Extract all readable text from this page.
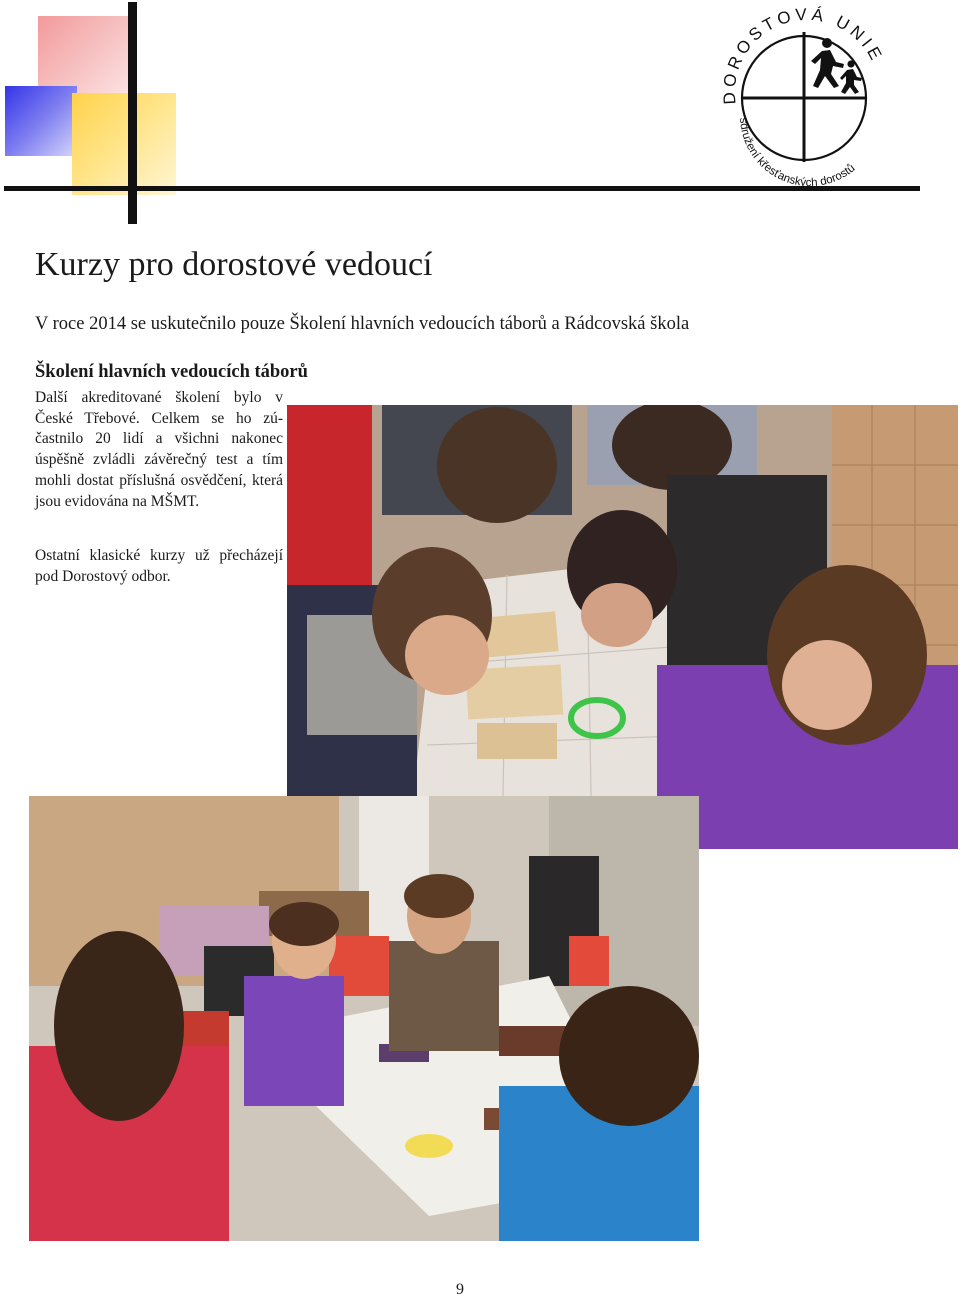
DOROSTOVÁ UNIE
sdružení křesťanských dorostů
Kurzy pro dorostové vedoucí

V roce 2014 se uskutečnilo pouze Školení hlavních vedoucích táborů a Rádcovská škola

Školení hlavních vedoucích táborů

Další akreditované školení bylo v České Třebové. Celkem se ho zúčastnilo 20 lidí a všichni nakonec úspěšně zvládli závěrečný test a tím mohli dostat příslušná osvědčení, která jsou evidována na MŠMT.

Ostatní klasické kurzy už přecházejí pod Dorostový odbor.

9
